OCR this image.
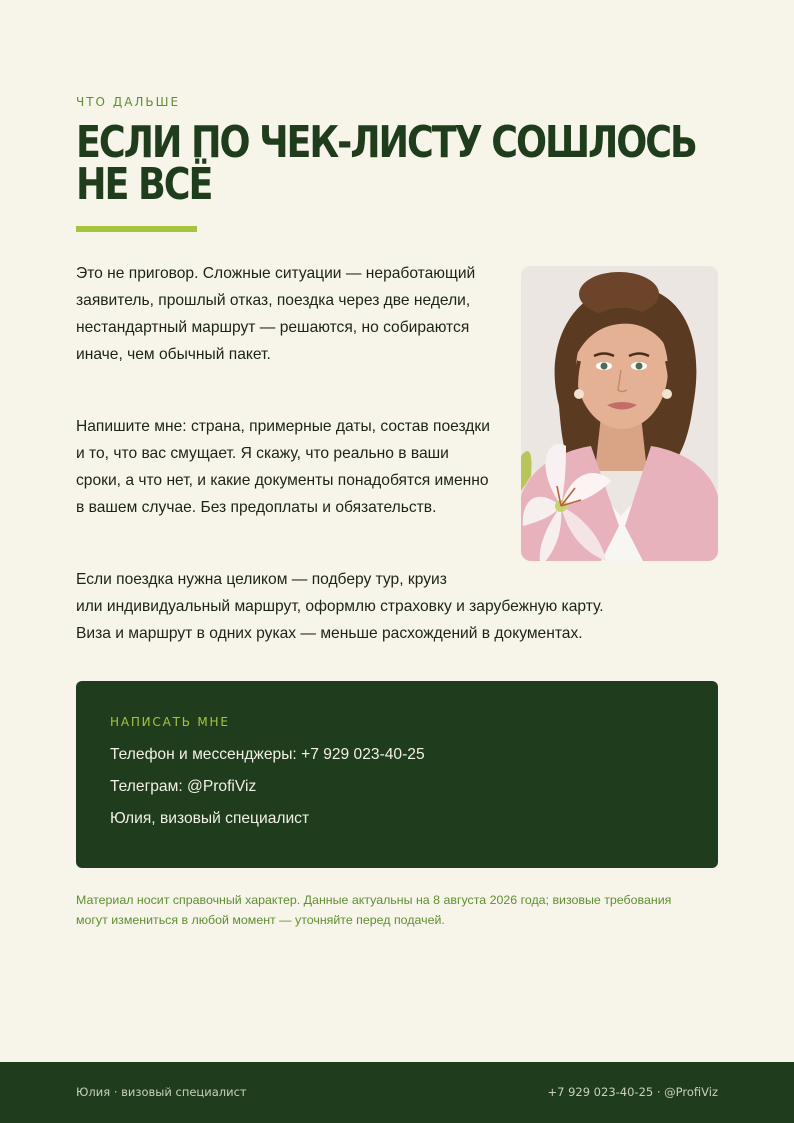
ЧТО ДАЛЬШЕ
ЕСЛИ ПО ЧЕК-ЛИСТУ СОШЛОСЬ НЕ ВСЁ

Это не приговор. Сложные ситуации — неработающий заявитель, прошлый отказ, поездка через две недели, нестандартный маршрут — решаются, но собираются иначе, чем обычный пакет.

Напишите мне: страна, примерные даты, состав поездки и то, что вас смущает. Я скажу, что реально в ваши сроки, а что нет, и какие документы понадобятся именно в вашем случае. Без предоплаты и обязательств.

Если поездка нужна целиком — подберу тур, круиз
или индивидуальный маршрут, оформлю страховку и зарубежную карту.
Виза и маршрут в одних руках — меньше расхождений в документах.

НАПИСАТЬ МНЕ
Телефон и мессенджеры: +7 929 023-40-25
Телеграм: @ProfiViz
Юлия, визовый специалист

Материал носит справочный характер. Данные актуальны на 8 августа 2026 года; визовые требования могут измениться в любой момент — уточняйте перед подачей.

Юлия · визовый специалист	+7 929 023-40-25 · @ProfiViz
